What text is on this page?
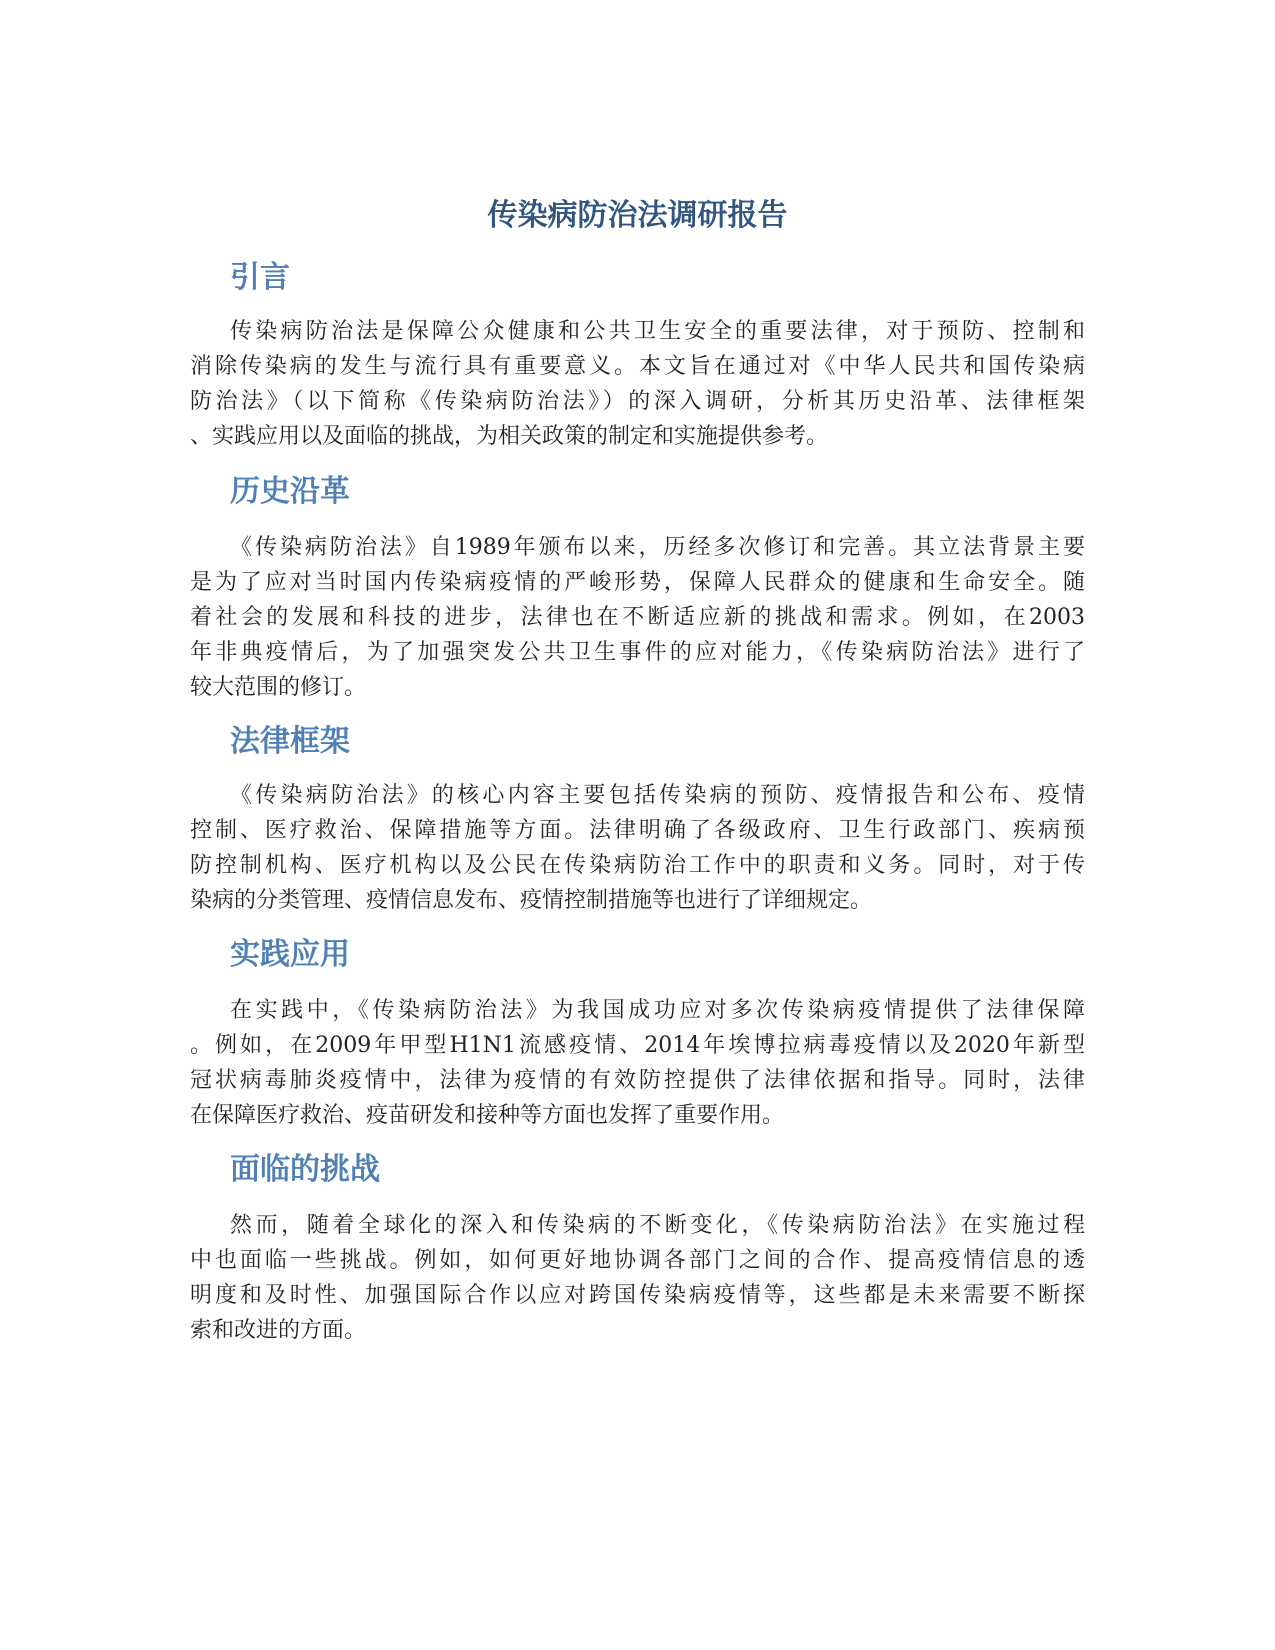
传染病防治法调研报告
引言
传染病防治法是保障公众健康和公共卫生安全的重要法律，对于预防、控制和
消除传染病的发生与流行具有重要意义。本文旨在通过对《中华人民共和国传染病
防治法》（以下简称《传染病防治法》）的深入调研，分析其历史沿革、法律框架
、实践应用以及面临的挑战，为相关政策的制定和实施提供参考。
历史沿革
《传染病防治法》自1989年颁布以来，历经多次修订和完善。其立法背景主要
是为了应对当时国内传染病疫情的严峻形势，保障人民群众的健康和生命安全。随
着社会的发展和科技的进步，法律也在不断适应新的挑战和需求。例如，在2003
年非典疫情后，为了加强突发公共卫生事件的应对能力，《传染病防治法》进行了
较大范围的修订。
法律框架
《传染病防治法》的核心内容主要包括传染病的预防、疫情报告和公布、疫情
控制、医疗救治、保障措施等方面。法律明确了各级政府、卫生行政部门、疾病预
防控制机构、医疗机构以及公民在传染病防治工作中的职责和义务。同时，对于传
染病的分类管理、疫情信息发布、疫情控制措施等也进行了详细规定。
实践应用
在实践中，《传染病防治法》为我国成功应对多次传染病疫情提供了法律保障
。例如，在2009年甲型H1N1流感疫情、2014年埃博拉病毒疫情以及2020年新型
冠状病毒肺炎疫情中，法律为疫情的有效防控提供了法律依据和指导。同时，法律
在保障医疗救治、疫苗研发和接种等方面也发挥了重要作用。
面临的挑战
然而，随着全球化的深入和传染病的不断变化，《传染病防治法》在实施过程
中也面临一些挑战。例如，如何更好地协调各部门之间的合作、提高疫情信息的透
明度和及时性、加强国际合作以应对跨国传染病疫情等，这些都是未来需要不断探
索和改进的方面。
